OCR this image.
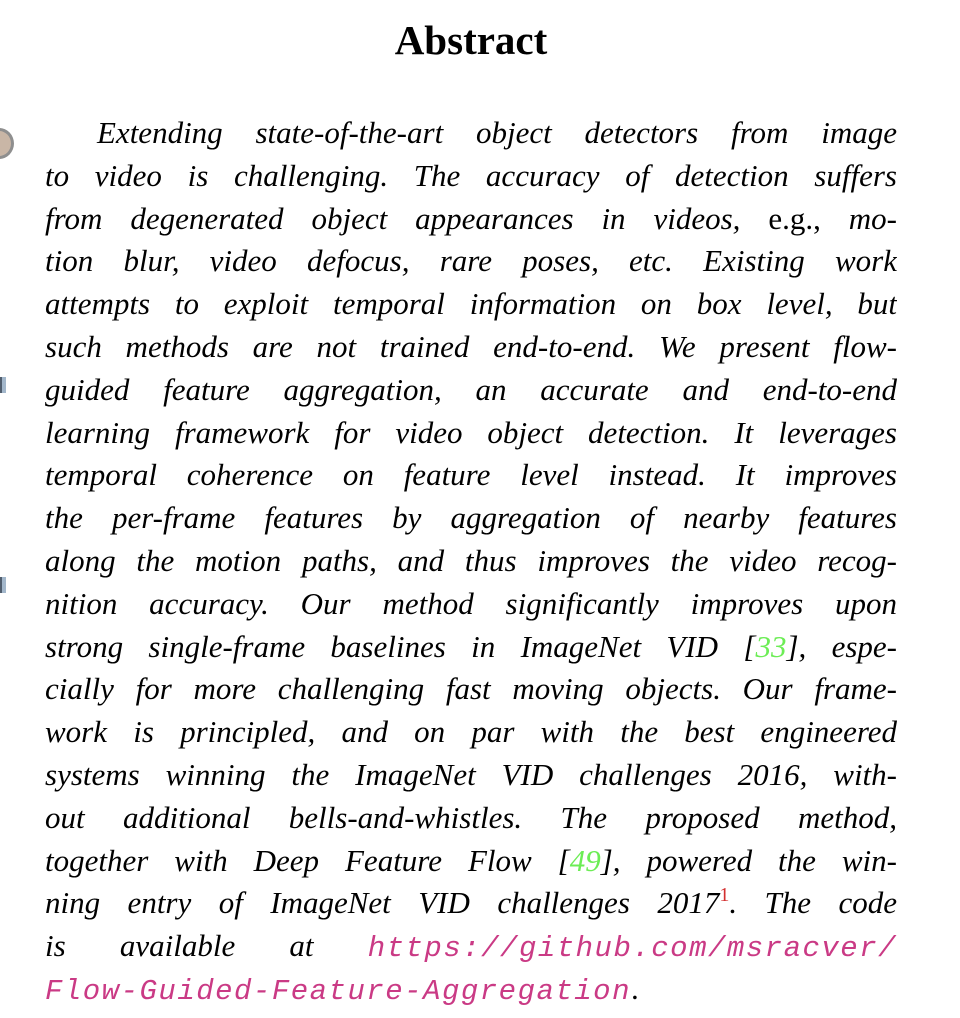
Abstract
Extending state-of-the-art object detectors from image
to video is challenging. The accuracy of detection suffers
from degenerated object appearances in videos, e.g., mo-
tion blur, video defocus, rare poses, etc. Existing work
attempts to exploit temporal information on box level, but
such methods are not trained end-to-end. We present flow-
guided feature aggregation, an accurate and end-to-end
learning framework for video object detection. It leverages
temporal coherence on feature level instead. It improves
the per-frame features by aggregation of nearby features
along the motion paths, and thus improves the video recog-
nition accuracy. Our method significantly improves upon
strong single-frame baselines in ImageNet VID [33], espe-
cially for more challenging fast moving objects. Our frame-
work is principled, and on par with the best engineered
systems winning the ImageNet VID challenges 2016, with-
out additional bells-and-whistles. The proposed method,
together with Deep Feature Flow [49], powered the win-
ning entry of ImageNet VID challenges 2017$^1$. The code
is available at https://github.com/msracver/
Flow-Guided-Feature-Aggregation.
